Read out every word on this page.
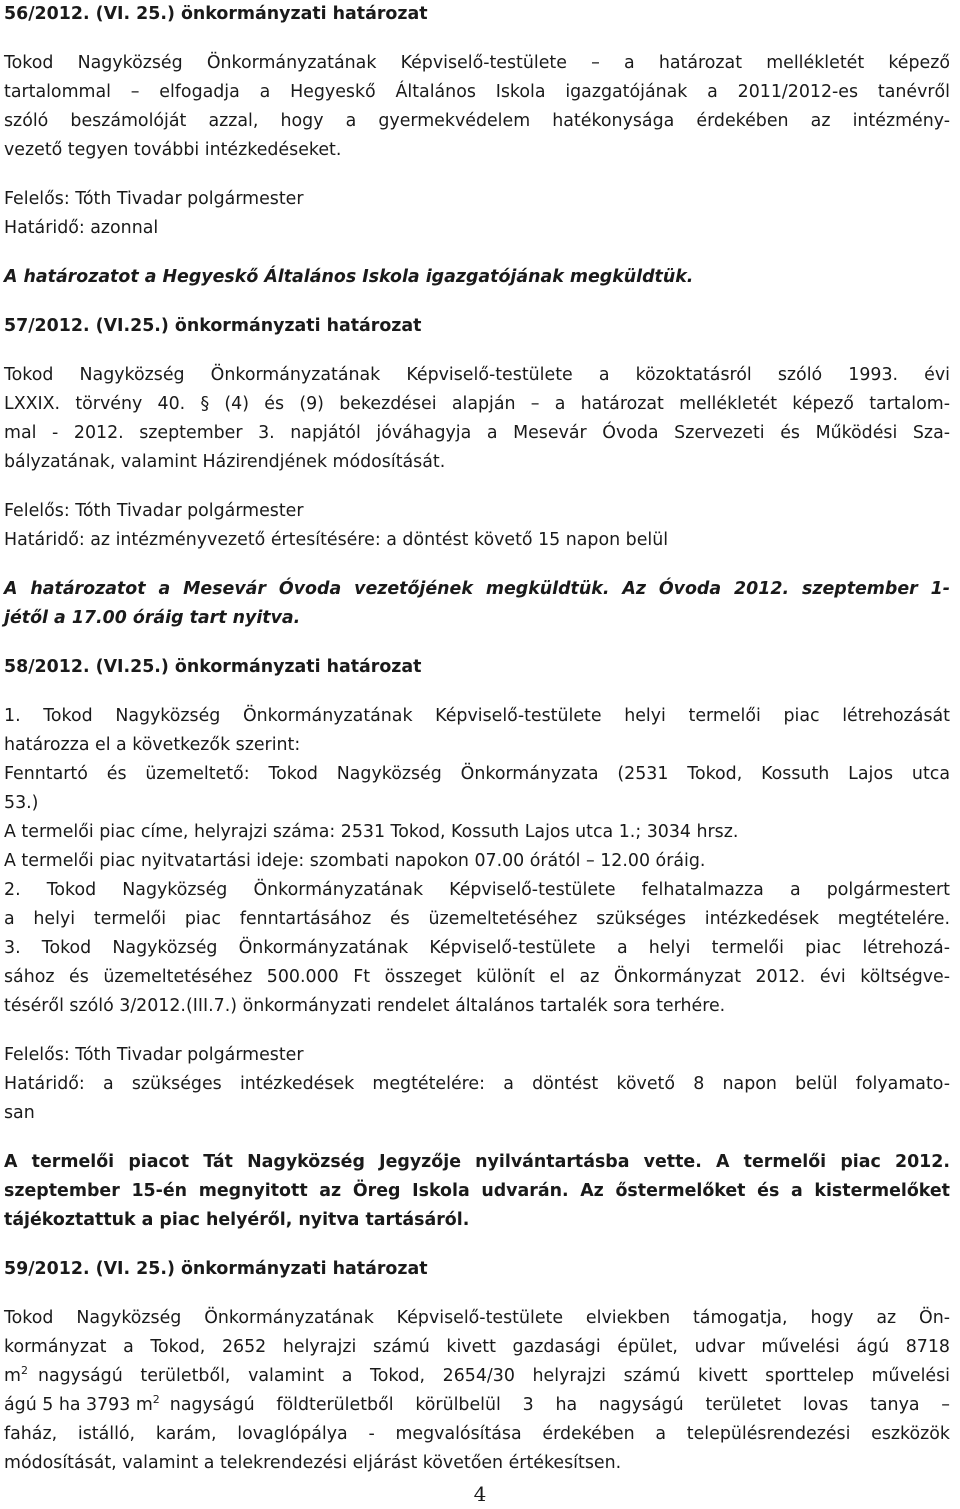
56/2012. (VI. 25.) önkormányzati határozat
Tokod Nagyközség Önkormányzatának Képviselő-testülete – a határozat mellékletét képező
tartalommal – elfogadja a Hegyeskő Általános Iskola igazgatójának a 2011/2012-es tanévről
szóló beszámolóját azzal, hogy a gyermekvédelem hatékonysága érdekében az intézmény-
vezető tegyen további intézkedéseket.
Felelős: Tóth Tivadar polgármester
Határidő: azonnal
A határozatot a Hegyeskő Általános Iskola igazgatójának megküldtük.
57/2012. (VI.25.) önkormányzati határozat
Tokod Nagyközség Önkormányzatának Képviselő-testülete a közoktatásról szóló 1993. évi
LXXIX. törvény 40. § (4) és (9) bekezdései alapján – a határozat mellékletét képező tartalom-
mal - 2012. szeptember 3. napjától jóváhagyja a Mesevár Óvoda Szervezeti és Működési Sza-
bályzatának, valamint Házirendjének módosítását.
Felelős: Tóth Tivadar polgármester
Határidő: az intézményvezető értesítésére: a döntést követő 15 napon belül
A határozatot a Mesevár Óvoda vezetőjének megküldtük. Az Óvoda 2012. szeptember 1-
jétől a 17.00 óráig tart nyitva.
58/2012. (VI.25.) önkormányzati határozat
1. Tokod Nagyközség Önkormányzatának Képviselő-testülete helyi termelői piac létrehozását
határozza el a következők szerint:
Fenntartó és üzemeltető: Tokod Nagyközség Önkormányzata (2531 Tokod, Kossuth Lajos utca
53.)
A termelői piac címe, helyrajzi száma: 2531 Tokod, Kossuth Lajos utca 1.; 3034 hrsz.
A termelői piac nyitvatartási ideje: szombati napokon 07.00 órától – 12.00 óráig.
2. Tokod Nagyközség Önkormányzatának Képviselő-testülete felhatalmazza a polgármestert
a helyi termelői piac fenntartásához és üzemeltetéséhez szükséges intézkedések megtételére.
3. Tokod Nagyközség Önkormányzatának Képviselő-testülete a helyi termelői piac létrehozá-
sához és üzemeltetéséhez 500.000 Ft összeget különít el az Önkormányzat 2012. évi költségve-
téséről szóló 3/2012.(III.7.) önkormányzati rendelet általános tartalék sora terhére.
Felelős: Tóth Tivadar polgármester
Határidő: a szükséges intézkedések megtételére: a döntést követő 8 napon belül folyamato-
san
A termelői piacot Tát Nagyközség Jegyzője nyilvántartásba vette. A termelői piac 2012.
szeptember 15-én megnyitott az Öreg Iskola udvarán. Az őstermelőket és a kistermelőket
tájékoztattuk a piac helyéről, nyitva tartásáról.
59/2012. (VI. 25.) önkormányzati határozat
Tokod Nagyközség Önkormányzatának Képviselő-testülete elviekben támogatja, hogy az Ön-
kormányzat a Tokod, 2652 helyrajzi számú kivett gazdasági épület, udvar művelési ágú 8718
$m^2$ nagyságú területből, valamint a Tokod, 2654/30 helyrajzi számú kivett sporttelep művelési
ágú 5 ha 3793 $m^2$ nagyságú földterületből körülbelül 3 ha nagyságú területet lovas tanya –
faház, istálló, karám, lovaglópálya - megvalósítása érdekében a településrendezési eszközök
módosítását, valamint a telekrendezési eljárást követően értékesítsen.
4
